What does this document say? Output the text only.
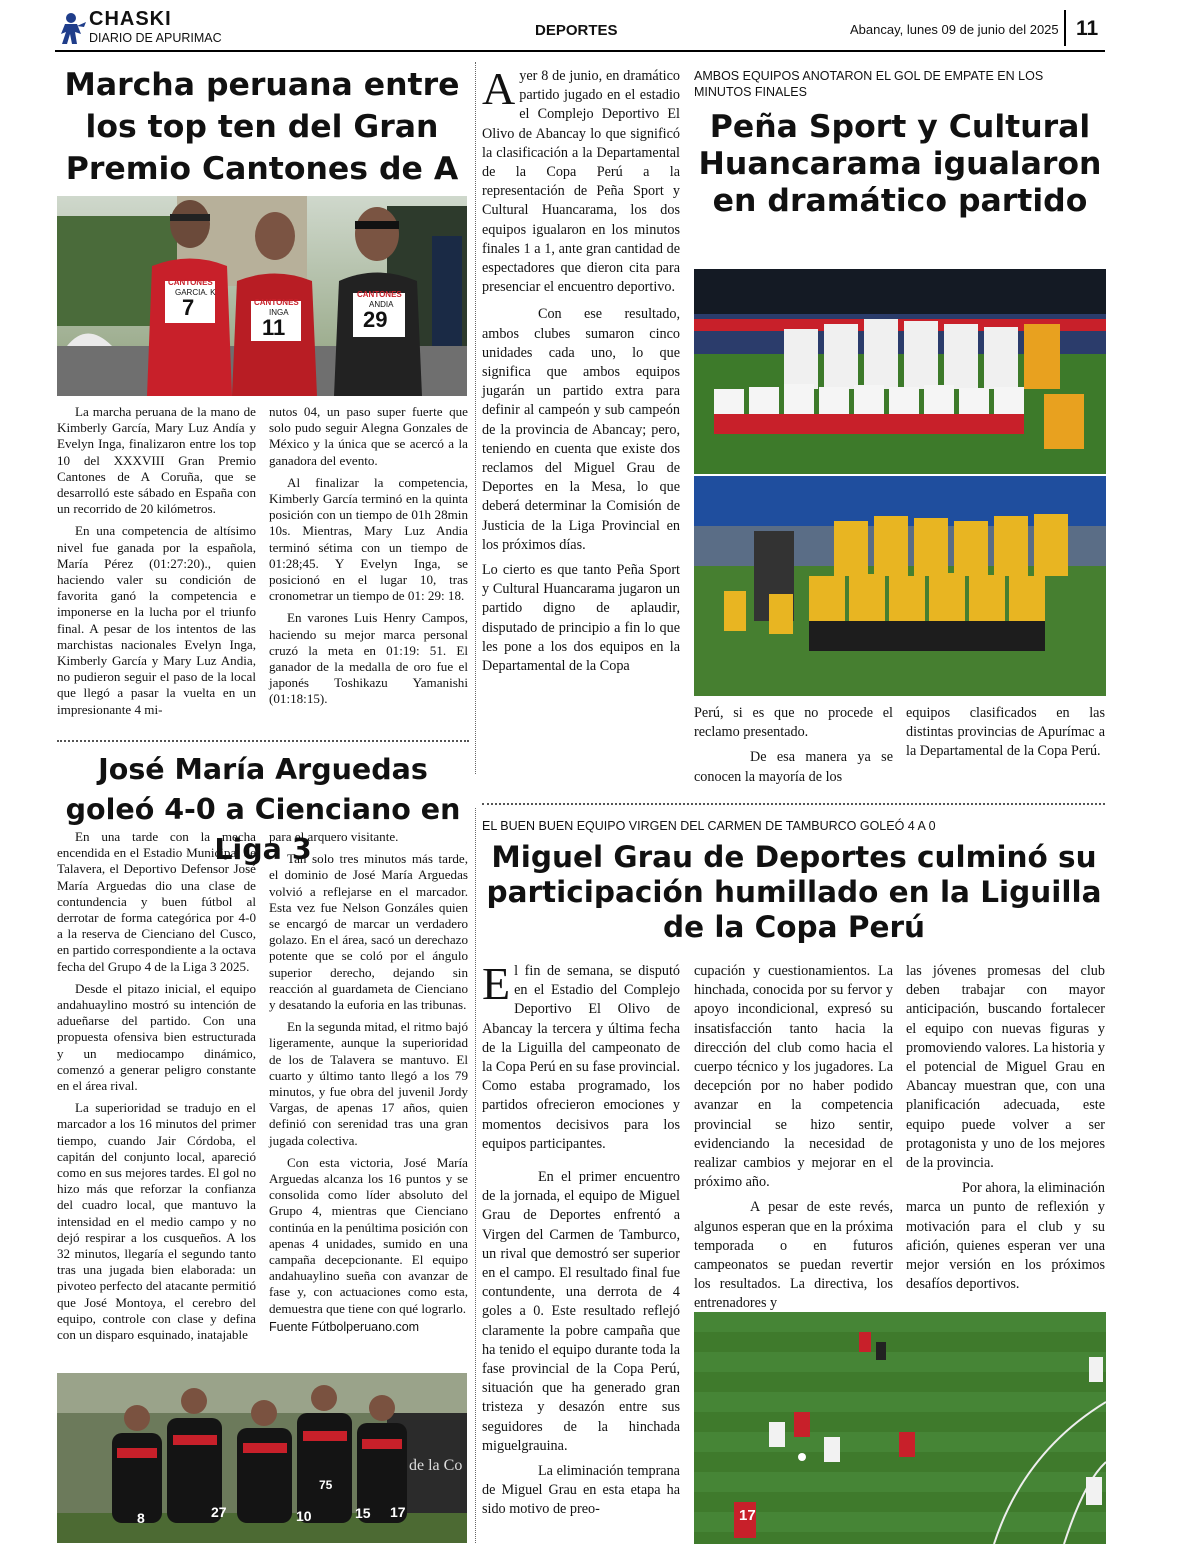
CHASKI
DIARIO DE APURIMAC	DEPORTES	Abancay, lunes 09 de junio del 2025 11
Marcha peruana entre los top ten del Gran Premio Cantones de A
CANTONES
GARCIA. K
7	CANTONES
INGA
11
CANTONES
ANDIA
29

La marcha peruana de la mano de Kimberly García, Mary Luz Andía y Evelyn Inga, finalizaron entre los top 10 del XXXVIII Gran Premio Cantones de A Coruña, que se desarrolló este sábado en España con un recorrido de 20 kilómetros.

En una competencia de altísimo nivel fue ganada por la española, María Pérez (01:27:20)., quien haciendo valer su condición de favorita ganó la competencia e imponerse en la lucha por el triunfo final. A pesar de los intentos de las marchistas nacionales Evelyn Inga, Kimberly García y Mary Luz Andia, no pudieron seguir el paso de la local que llegó a pasar la vuelta en un impresionante 4 mi-

nutos 04, un paso super fuerte que solo pudo seguir Alegna Gonzales de México y la única que se acercó a la ganadora del evento.

Al finalizar la competencia, Kimberly García terminó en la quinta posición con un tiempo de 01h 28min 10s. Mientras, Mary Luz Andia terminó sétima con un tiempo de 01:28;45. Y Evelyn Inga, se posicionó en el lugar 10, tras cronometrar un tiempo de 01: 29: 18.

En varones Luis Henry Campos, haciendo su mejor marca personal cruzó la meta en 01:19: 51. El ganador de la medalla de oro fue el japonés Toshikazu Yamanishi (01:18:15).

José María Arguedas goleó 4-0 a Cienciano en Liga 3

En una tarde con la mecha encendida en el Estadio Municipal de Talavera, el Deportivo Defensor José María Arguedas dio una clase de contundencia y buen fútbol al derrotar de forma categórica por 4-0 a la reserva de Cienciano del Cusco, en partido correspondiente a la octava fecha del Grupo 4 de la Liga 3 2025.

Desde el pitazo inicial, el equipo andahuaylino mostró su intención de adueñarse del partido. Con una propuesta ofensiva bien estructurada y un mediocampo dinámico, comenzó a generar peligro constante en el área rival.

La superioridad se tradujo en el marcador a los 16 minutos del primer tiempo, cuando Jair Córdoba, el capitán del conjunto local, apareció como en sus mejores tardes. El gol no hizo más que reforzar la confianza del cuadro local, que mantuvo la intensidad en el medio campo y no dejó respirar a los cusqueños. A los 32 minutos, llegaría el segundo tanto tras una jugada bien elaborada: un pivoteo perfecto del atacante permitió que José Montoya, el cerebro del equipo, controle con clase y defina con un disparo esquinado, inatajable

para el arquero visitante.

Tan solo tres minutos más tarde, el dominio de José María Arguedas volvió a reflejarse en el marcador. Esta vez fue Nelson Gonzáles quien se encargó de marcar un verdadero golazo. En el área, sacó un derechazo potente que se coló por el ángulo superior derecho, dejando sin reacción al guardameta de Cienciano y desatando la euforia en las tribunas.

En la segunda mitad, el ritmo bajó ligeramente, aunque la superioridad de los de Talavera se mantuvo. El cuarto y último tanto llegó a los 79 minutos, y fue obra del juvenil Jordy Vargas, de apenas 17 años, quien definió con serenidad tras una gran jugada colectiva.

Con esta victoria, José María Arguedas alcanza los 16 puntos y se consolida como líder absoluto del Grupo 4, mientras que Cienciano continúa en la penúltima posición con apenas 4 unidades, sumido en una campaña decepcionante. El equipo andahuaylino sueña con avanzar de fase y, con actuaciones como esta, demuestra que tiene con qué lograrlo.

Fuente Fútbolperuano.com
de la Co
8	27	10
75
15 17

Ayer 8 de junio, en dramático partido jugado en el estadio el Complejo Deportivo El Olivo de Abancay lo que significó la clasificación a la Departamental de la Copa Perú a la representación de Peña Sport y Cultural Huancarama, los dos equipos igualaron en los minutos finales 1 a 1, ante gran cantidad de espectadores que dieron cita para presenciar el encuentro deportivo.

Con ese resultado, ambos clubes sumaron cinco unidades cada uno, lo que significa que ambos equipos jugarán un partido extra para definir al campeón y sub campeón de la provincia de Abancay; pero, teniendo en cuenta que existe dos reclamos del Miguel Grau de Deportes en la Mesa, lo que deberá determinar la Comisión de Justicia de la Liga Provincial en los próximos días.

Lo cierto es que tanto Peña Sport y Cultural Huancarama jugaron un partido digno de aplaudir, disputado de principio a fin lo que les pone a los dos equipos en la Departamental de la Copa

AMBOS EQUIPOS ANOTARON EL GOL DE EMPATE EN LOS MINUTOS FINALES
Peña Sport y Cultural Huancarama igualaron en dramático partido

Perú, si es que no procede el reclamo presentado.

De esa manera ya se conocen la mayoría de los

equipos clasificados en las distintas provincias de Apurímac a la Departamental de la Copa Perú.

EL BUEN BUEN EQUIPO VIRGEN DEL CARMEN DE TAMBURCO GOLEÓ 4 A 0
Miguel Grau de Deportes culminó su participación humillado en la Liguilla de la Copa Perú

El fin de semana, se disputó en el Estadio del Complejo Deportivo El Olivo de Abancay la tercera y última fecha de la Liguilla del campeonato de la Copa Perú en su fase provincial. Como estaba programado, los partidos ofrecieron emociones y momentos decisivos para los equipos participantes.

En el primer encuentro de la jornada, el equipo de Miguel Grau de Deportes enfrentó a Virgen del Carmen de Tamburco, un rival que demostró ser superior en el campo. El resultado final fue contundente, una derrota de 4 goles a 0. Este resultado reflejó claramente la pobre campaña que ha tenido el equipo durante toda la fase provincial de la Copa Perú, situación que ha generado gran tristeza y desazón entre sus seguidores de la hinchada miguelgrauina.

La eliminación temprana de Miguel Grau en esta etapa ha sido motivo de preo-

cupación y cuestionamientos. La hinchada, conocida por su fervor y apoyo incondicional, expresó su insatisfacción tanto hacia la dirección del club como hacia el cuerpo técnico y los jugadores. La decepción por no haber podido avanzar en la competencia provincial se hizo sentir, evidenciando la necesidad de realizar cambios y mejorar en el próximo año.

A pesar de este revés, algunos esperan que en la próxima temporada o en futuros campeonatos se puedan revertir los resultados. La directiva, los entrenadores y

las jóvenes promesas del club deben trabajar con mayor anticipación, buscando fortalecer el equipo con nuevas figuras y promoviendo valores. La historia y el potencial de Miguel Grau en Abancay muestran que, con una planificación adecuada, este equipo puede volver a ser protagonista y uno de los mejores de la provincia.

Por ahora, la eliminación marca un punto de reflexión y motivación para el club y su afición, quienes esperan ver una mejor versión en los próximos desafíos deportivos.

17
